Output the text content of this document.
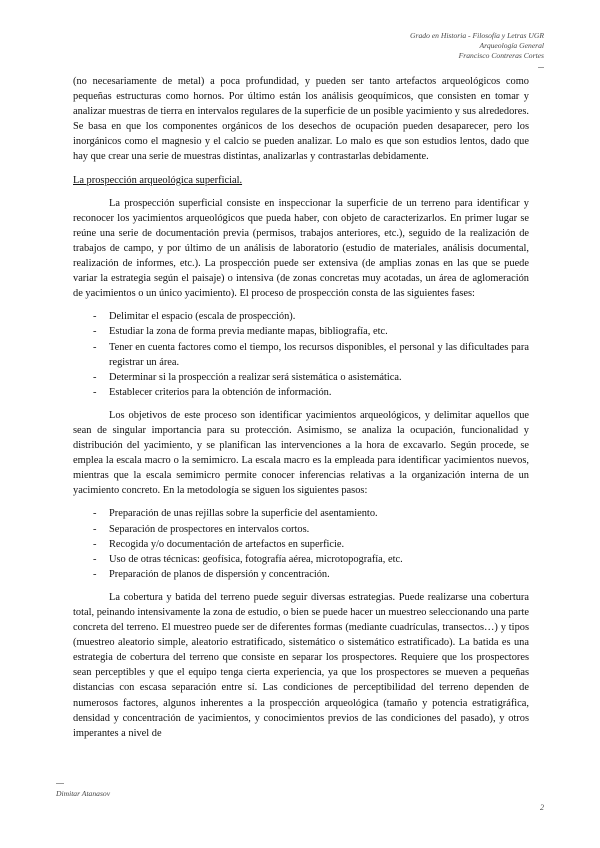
Grado en Historia - Filosofía y Letras UGR
Arqueología General
Francisco Contreras Cortes

(no necesariamente de metal) a poca profundidad, y pueden ser tanto artefactos arqueológicos como pequeñas estructuras como hornos. Por último están los análisis geoquímicos, que consisten en tomar y analizar muestras de tierra en intervalos regulares de la superficie de un posible yacimiento y sus alrededores. Se basa en que los componentes orgánicos de los desechos de ocupación pueden desaparecer, pero los inorgánicos como el magnesio y el calcio se pueden analizar. Lo malo es que son estudios lentos, dado que hay que crear una serie de muestras distintas, analizarlas y contrastarlas debidamente.

La prospección arqueológica superficial.

La prospección superficial consiste en inspeccionar la superficie de un terreno para identificar y reconocer los yacimientos arqueológicos que pueda haber, con objeto de caracterizarlos. En primer lugar se reúne una serie de documentación previa (permisos, trabajos anteriores, etc.), seguido de la realización de trabajos de campo, y por último de un análisis de laboratorio (estudio de materiales, análisis documental, realización de informes, etc.). La prospección puede ser extensiva (de amplias zonas en las que se puede variar la estrategia según el paisaje) o intensiva (de zonas concretas muy acotadas, un área de aglomeración de yacimientos o un único yacimiento). El proceso de prospección consta de las siguientes fases:

- Delimitar el espacio (escala de prospección).
- Estudiar la zona de forma previa mediante mapas, bibliografía, etc.
- Tener en cuenta factores como el tiempo, los recursos disponibles, el personal y las dificultades para registrar un área.
- Determinar si la prospección a realizar será sistemática o asistemática.
- Establecer criterios para la obtención de información.

Los objetivos de este proceso son identificar yacimientos arqueológicos, y delimitar aquellos que sean de singular importancia para su protección. Asimismo, se analiza la ocupación, funcionalidad y distribución del yacimiento, y se planifican las intervenciones a la hora de excavarlo. Según procede, se emplea la escala macro o la semimicro. La escala macro es la empleada para identificar yacimientos nuevos, mientras que la escala semimicro permite conocer inferencias relativas a la organización interna de un yacimiento concreto. En la metodología se siguen los siguientes pasos:

- Preparación de unas rejillas sobre la superficie del asentamiento.
- Separación de prospectores en intervalos cortos.
- Recogida y/o documentación de artefactos en superficie.
- Uso de otras técnicas: geofísica, fotografía aérea, microtopografía, etc.
- Preparación de planos de dispersión y concentración.

La cobertura y batida del terreno puede seguir diversas estrategias. Puede realizarse una cobertura total, peinando intensivamente la zona de estudio, o bien se puede hacer un muestreo seleccionando una parte concreta del terreno. El muestreo puede ser de diferentes formas (mediante cuadrículas, transectos…) y tipos (muestreo aleatorio simple, aleatorio estratificado, sistemático o sistemático estratificado). La batida es una estrategia de cobertura del terreno que consiste en separar los prospectores. Requiere que los prospectores sean perceptibles y que el equipo tenga cierta experiencia, ya que los prospectores se mueven a pequeñas distancias con escasa separación entre sí. Las condiciones de perceptibilidad del terreno dependen de numerosos factores, algunos inherentes a la prospección arqueológica (tamaño y potencia estratigráfica, densidad y concentración de yacimientos, y conocimientos previos de las condiciones del pasado), y otros imperantes a nivel de

Dimitar Atanasov
2
